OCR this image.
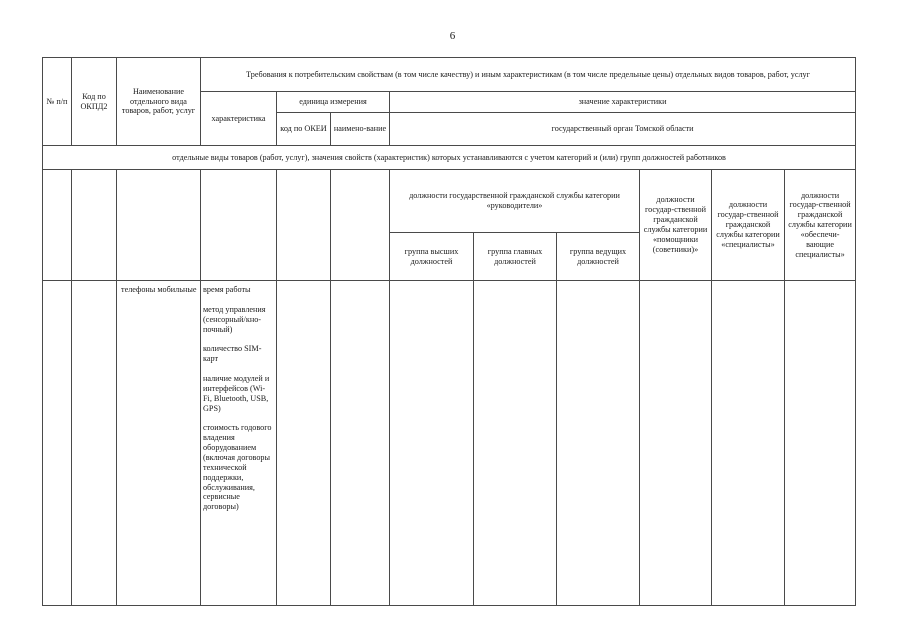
6
№ п/п	Код по ОКПД2	Наименование отдельного вида товаров, работ, услуг	Требования к потребительским свойствам (в том числе качеству) и иным характеристикам (в том числе предельные цены) отдельных видов товаров, работ, услуг								
			характеристика	единица измерения		значение характеристики					
				код по ОКЕИ	наимено-вание	государственный орган Томской области					
отдельные виды товаров (работ, услуг), значения свойств (характеристик) которых устанавливаются с учетом категорий и (или) групп должностей работников											
						должности государственной гражданской службы категории «руководители»			должности государ-ственной гражданской службы категории «помощники (советники)»	должности государ-ственной гражданской службы категории «специалисты»	должности государ-ственной гражданской службы категории «обеспечи-вающие специалисты»
						группа высших должностей	группа главных должностей	группа ведущих должностей			
		телефоны мобильные	время работы
метод управления (сенсорный/кно-почный)
количество SIM-карт
наличие модулей и интерфейсов (Wi-Fi, Bluetooth, USB, GPS)
стоимость годового владения оборудованием (включая договоры технической поддержки, обслуживания, сервисные договоры)								
